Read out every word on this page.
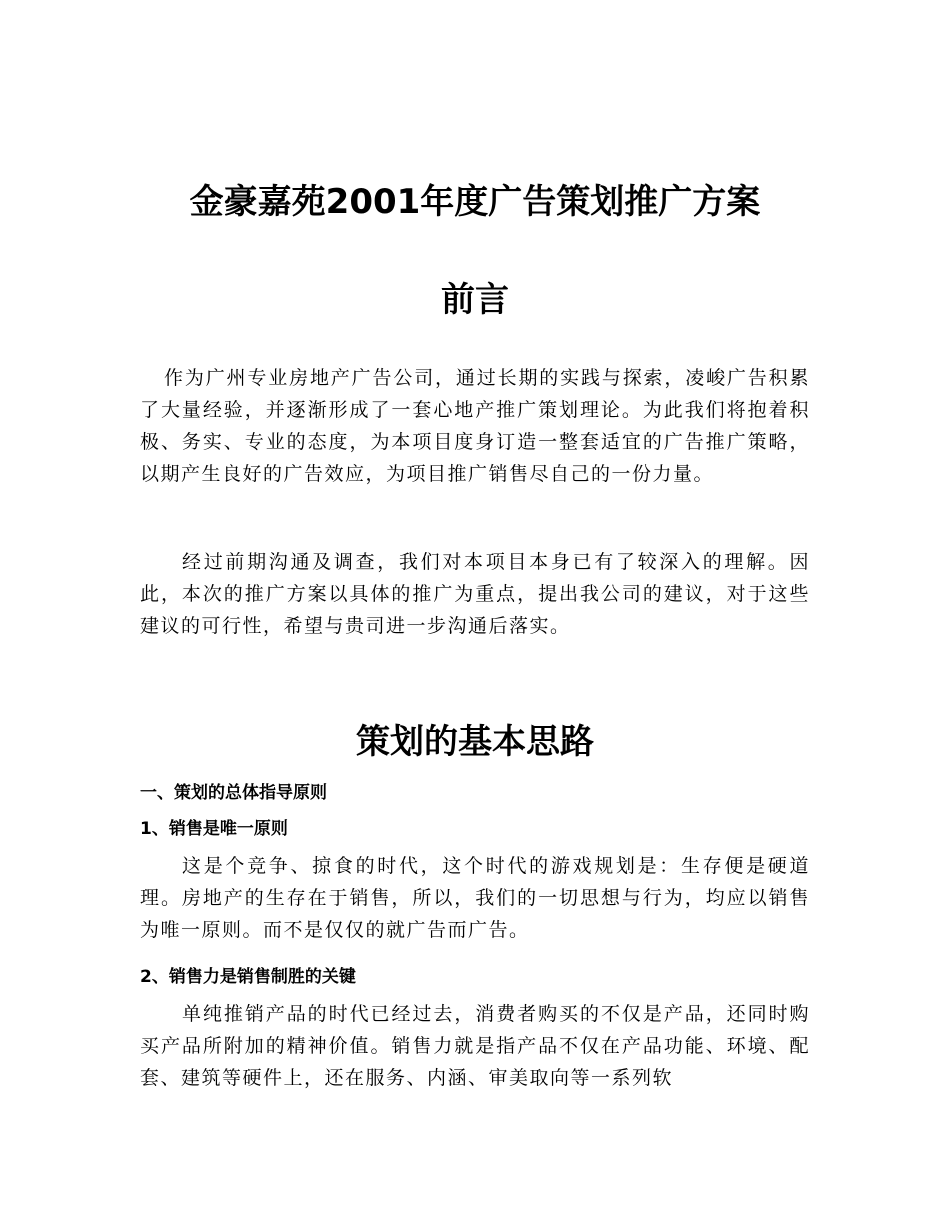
金豪嘉苑2001年度广告策划推广方案
前言

作为广州专业房地产广告公司，通过长期的实践与探索，凌峻广告积累了大量经验，并逐渐形成了一套心地产推广策划理论。为此我们将抱着积极、务实、专业的态度，为本项目度身订造一整套适宜的广告推广策略，以期产生良好的广告效应，为项目推广销售尽自己的一份力量。

经过前期沟通及调查，我们对本项目本身已有了较深入的理解。因此，本次的推广方案以具体的推广为重点，提出我公司的建议，对于这些建议的可行性，希望与贵司进一步沟通后落实。

策划的基本思路
一、策划的总体指导原则
1、销售是唯一原则

这是个竞争、掠食的时代，这个时代的游戏规划是：生存便是硬道理。房地产的生存在于销售，所以，我们的一切思想与行为，均应以销售为唯一原则。而不是仅仅的就广告而广告。

2、销售力是销售制胜的关键

单纯推销产品的时代已经过去，消费者购买的不仅是产品，还同时购买产品所附加的精神价值。销售力就是指产品不仅在产品功能、环境、配套、建筑等硬件上，还在服务、内涵、审美取向等一系列软
